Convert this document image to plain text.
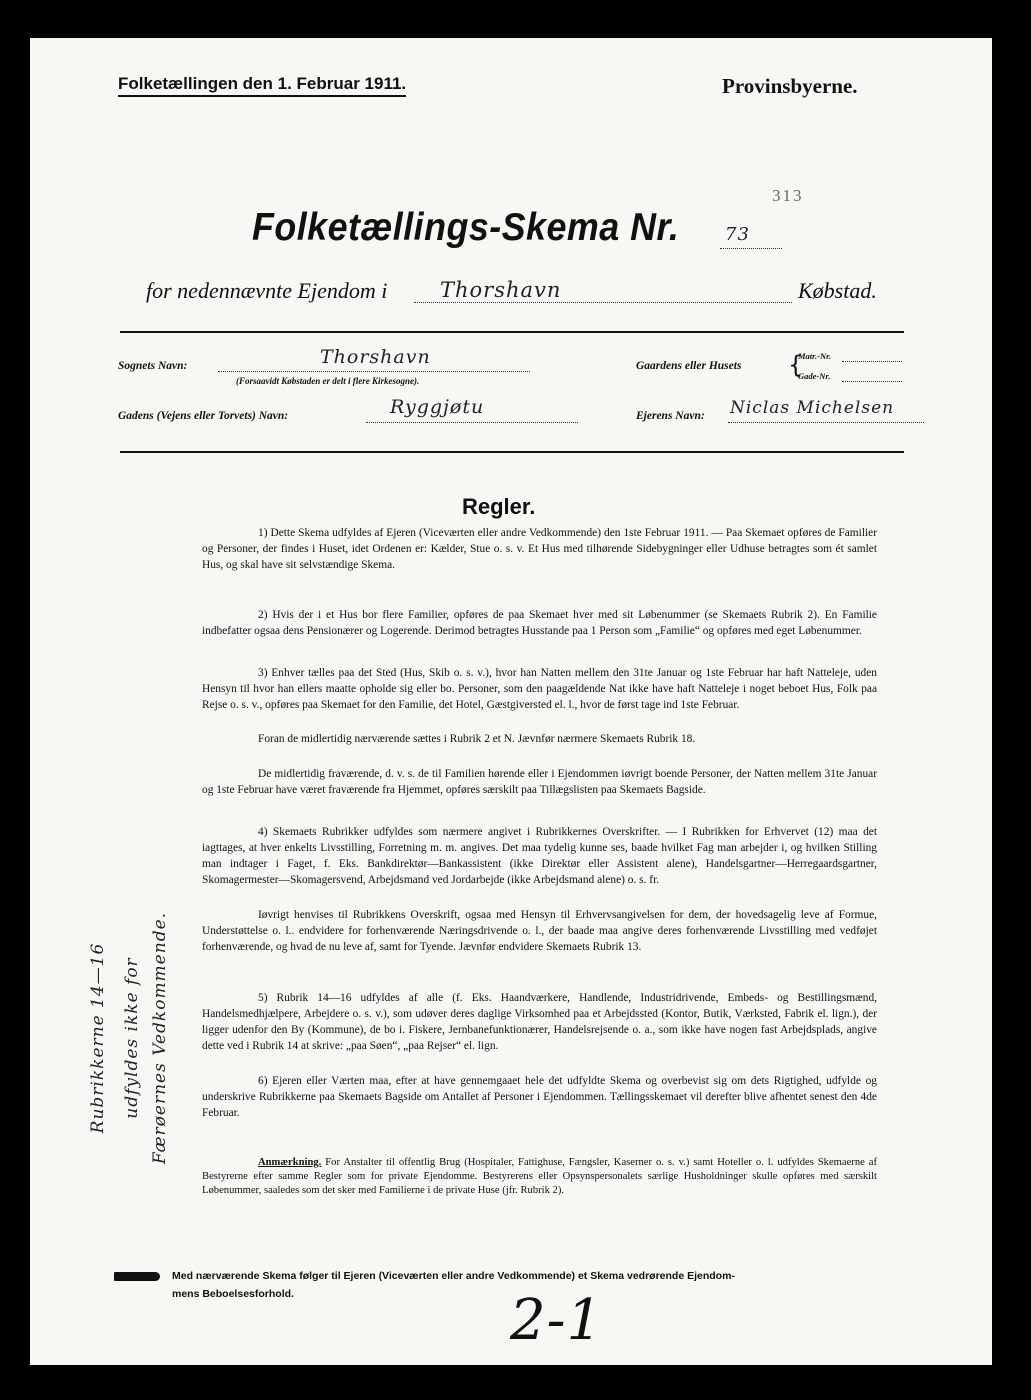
Folketællingen den 1. Februar 1911.	Provinsbyerne.
313
Folketællings-Skema Nr.	73
for nedennævnte Ejendom i	Thorshavn	Købstad.
Sognets Navn:	Thorshavn
(Forsaavidt Købstaden er delt i flere Kirkesogne).
Gaardens eller Husets {
Matr.-Nr.
Gade-Nr.
Gadens (Vejens eller Torvets) Navn:	Ryggjøtu	Ejerens Navn: Niclas Michelsen
Regler.

1) Dette Skema udfyldes af Ejeren (Viceværten eller andre Vedkommende) den 1ste Februar 1911. — Paa Skemaet opføres de Familier og Personer, der findes i Huset, idet Ordenen er: Kælder, Stue o. s. v. Et Hus med tilhørende Sidebygninger eller Udhuse betragtes som ét samlet Hus, og skal have sit selvstændige Skema.

2) Hvis der i et Hus bor flere Familier, opføres de paa Skemaet hver med sit Løbenummer (se Skemaets Rubrik 2). En Familie indbefatter ogsaa dens Pensionærer og Logerende. Derimod betragtes Husstande paa 1 Person som „Familie“ og opføres med eget Løbenummer.

3) Enhver tælles paa det Sted (Hus, Skib o. s. v.), hvor han Natten mellem den 31te Januar og 1ste Februar har haft Natteleje, uden Hensyn til hvor han ellers maatte opholde sig eller bo. Personer, som den paagældende Nat ikke have haft Natteleje i noget beboet Hus, Folk paa Rejse o. s. v., opføres paa Skemaet for den Familie, det Hotel, Gæstgiversted el. l., hvor de først tage ind 1ste Februar.

Foran de midlertidig nærværende sættes i Rubrik 2 et N. Jævnfør nærmere Skemaets Rubrik 18.

De midlertidig fraværende, d. v. s. de til Familien hørende eller i Ejendommen iøvrigt boende Personer, der Natten mellem 31te Januar og 1ste Februar have været fraværende fra Hjemmet, opføres særskilt paa Tillægslisten paa Skemaets Bagside.

4) Skemaets Rubrikker udfyldes som nærmere angivet i Rubrikkernes Overskrifter. — I Rubrikken for Erhvervet (12) maa det iagttages, at hver enkelts Livsstilling, Forretning m. m. angives. Det maa tydelig kunne ses, baade hvilket Fag man arbejder i, og hvilken Stilling man indtager i Faget, f. Eks. Bankdirektør—Bankassistent (ikke Direktør eller Assistent alene), Handelsgartner—Herregaardsgartner, Skomagermester—Skomagersvend, Arbejdsmand ved Jordarbejde (ikke Arbejdsmand alene) o. s. fr.

Iøvrigt henvises til Rubrikkens Overskrift, ogsaa med Hensyn til Erhvervsangivelsen for dem, der hovedsagelig leve af Formue, Understøttelse o. l.. endvidere for forhenværende Næringsdrivende o. l., der baade maa angive deres forhenværende Livsstilling med vedføjet forhenværende, og hvad de nu leve af, samt for Tyende. Jævnfør endvidere Skemaets Rubrik 13.

5) Rubrik 14—16 udfyldes af alle (f. Eks. Haandværkere, Handlende, Industridrivende, Embeds- og Bestillingsmænd, Handelsmedhjælpere, Arbejdere o. s. v.), som udøver deres daglige Virksomhed paa et Arbejdssted (Kontor, Butik, Værksted, Fabrik el. lign.), der ligger udenfor den By (Kommune), de bo i. Fiskere, Jernbanefunktionærer, Handelsrejsende o. a., som ikke have nogen fast Arbejdsplads, angive dette ved i Rubrik 14 at skrive: „paa Søen“, „paa Rejser“ el. lign.

6) Ejeren eller Værten maa, efter at have gennemgaaet hele det udfyldte Skema og overbevist sig om dets Rigtighed, udfylde og underskrive Rubrikkerne paa Skemaets Bagside om Antallet af Personer i Ejendommen. Tællingsskemaet vil derefter blive afhentet senest den 4de Februar.

Anmærkning. For Anstalter til offentlig Brug (Hospitaler, Fattighuse, Fængsler, Kaserner o. s. v.) samt Hoteller o. l. udfyldes Skemaerne af Bestyrerne efter samme Regler som for private Ejendomme. Bestyrerens eller Opsynspersonalets særlige Husholdninger skulle opføres med særskilt Løbenummer, saaledes som det sker med Familierne i de private Huse (jfr. Rubrik 2).

Rubrikkerne 14—16 udfyldes ikke for Færøernes Vedkommende.
Med nærværende Skema følger til Ejeren (Viceværten eller andre Vedkommende) et Skema vedrørende Ejendom-
mens Beboelsesforhold.	2-1
